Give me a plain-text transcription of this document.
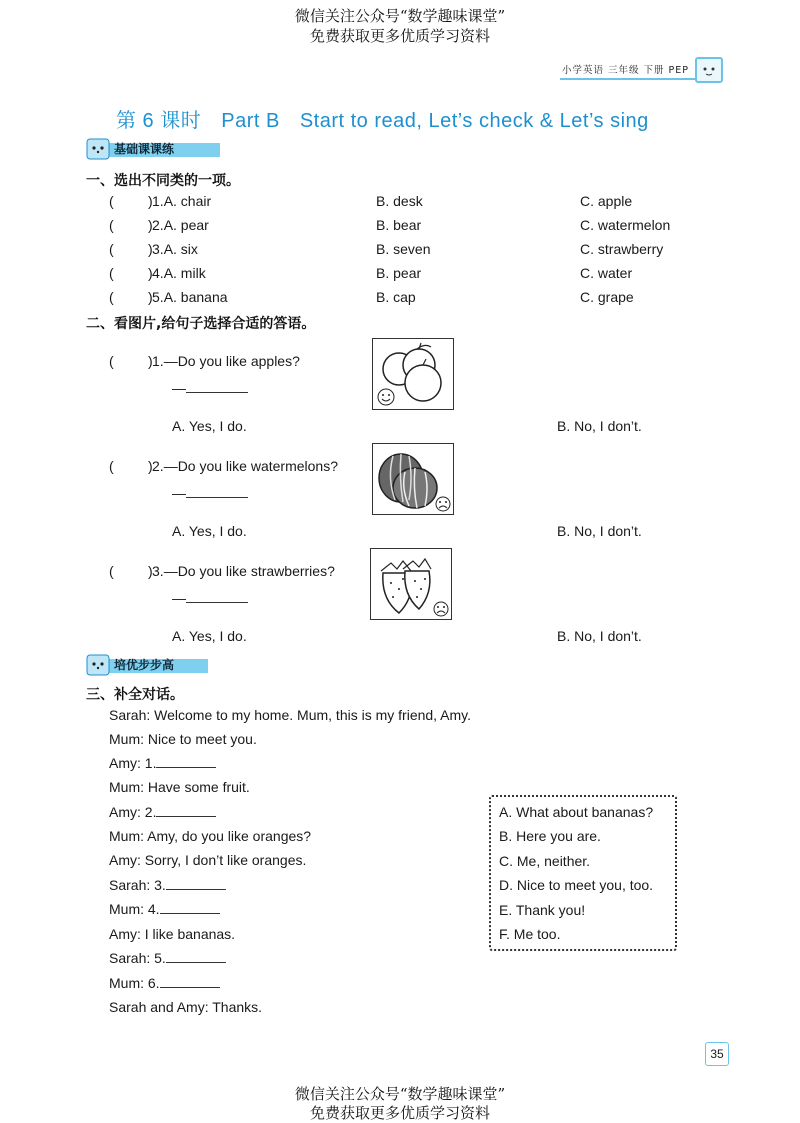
微信关注公众号“数学趣味课堂”
免费获取更多优质学习资料
小学英语 三年级 下册 PEP
第 6 课时 Part B Start to read, Let’s check & Let’s sing
基础课课练
一、选出不同类的一项。
( ) 1.A. chair	B. desk	C. apple
( ) 2.A. pear	B. bear	C. watermelon
( ) 3.A. six	B. seven	C. strawberry
( ) 4.A. milk	B. pear	C. water
( ) 5.A. banana	B. cap	C. grape
二、看图片,给句子选择合适的答语。
( ) 1.—Do you like apples?
—
A. Yes, I do.	B. No, I don’t.
( ) 2.—Do you like watermelons?
—
A. Yes, I do.	B. No, I don’t.
( ) 3.—Do you like strawberries?
—
A. Yes, I do.	B. No, I don’t.
培优步步高
三、补全对话。
Sarah: Welcome to my home. Mum, this is my friend, Amy.
Mum: Nice to meet you.
Amy: 1.
Mum: Have some fruit.
Amy: 2.
Mum: Amy, do you like oranges?
Amy: Sorry, I don’t like oranges.
Sarah: 3.
Mum: 4.
Amy: I like bananas.
Sarah: 5.
Mum: 6.
Sarah and Amy: Thanks.
A. What about bananas?
B. Here you are.
C. Me, neither.
D. Nice to meet you, too.
E. Thank you!
F. Me too.
35
微信关注公众号“数学趣味课堂”
免费获取更多优质学习资料
